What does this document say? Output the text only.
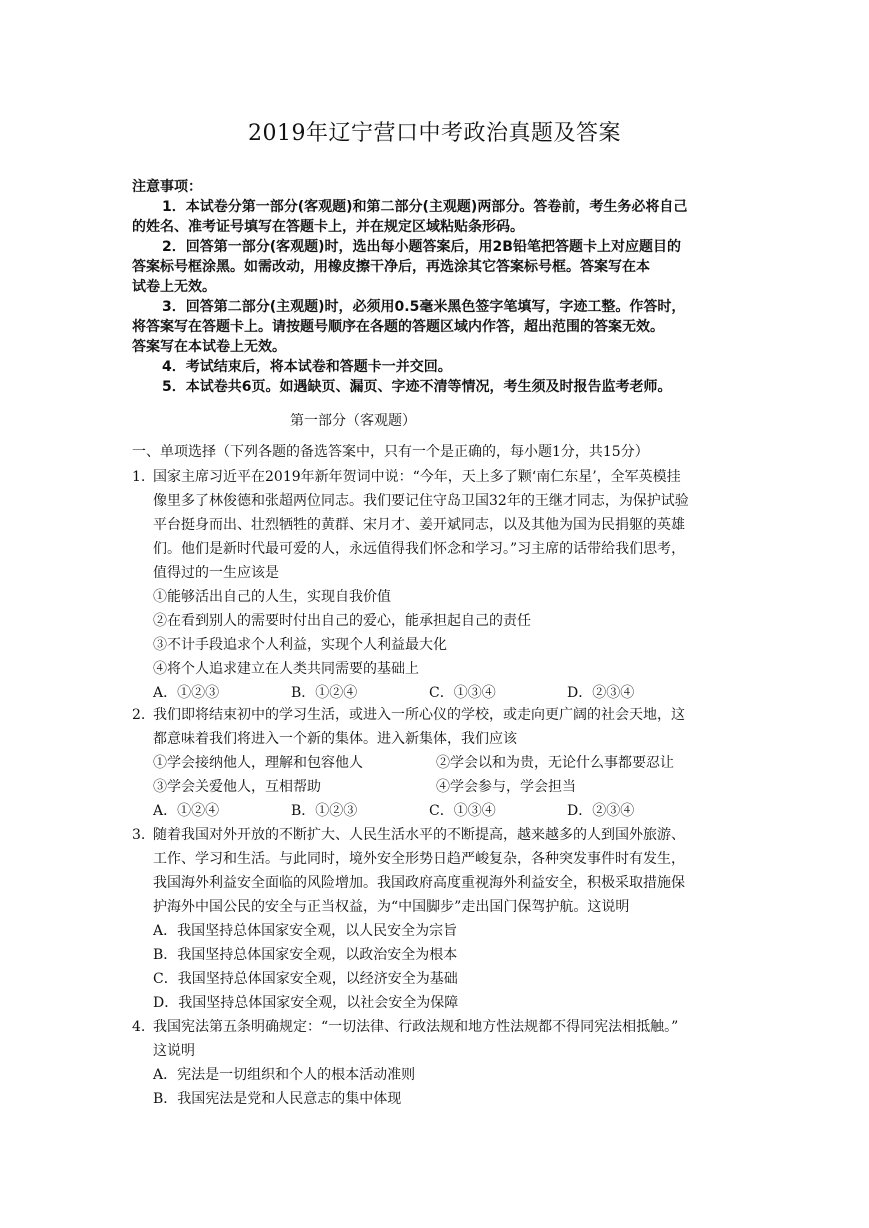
2019年辽宁营口中考政治真题及答案
注意事项：
1．本试卷分第一部分(客观题)和第二部分(主观题)两部分。答卷前，考生务必将自己
的姓名、准考证号填写在答题卡上，并在规定区域粘贴条形码。
2．回答第一部分(客观题)时，选出每小题答案后，用2B铅笔把答题卡上对应题目的
答案标号框涂黑。如需改动，用橡皮擦干净后，再选涂其它答案标号框。答案写在本
试卷上无效。
3．回答第二部分(主观题)时，必须用0.5毫米黑色签字笔填写，字迹工整。作答时，
将答案写在答题卡上。请按题号顺序在各题的答题区域内作答，超出范围的答案无效。
答案写在本试卷上无效。
4．考试结束后，将本试卷和答题卡一并交回。
5．本试卷共6页。如遇缺页、漏页、字迹不清等情况，考生须及时报告监考老师。
第一部分（客观题）
一、单项选择（下列各题的备选答案中，只有一个是正确的，每小题1分，共15分）
1. 国家主席习近平在2019年新年贺词中说：“今年，天上多了颗‘南仁东星’，全军英模挂
像里多了林俊德和张超两位同志。我们要记住守岛卫国32年的王继才同志，为保护试验
平台挺身而出、壮烈牺牲的黄群、宋月才、姜开斌同志，以及其他为国为民捐躯的英雄
们。他们是新时代最可爱的人，永远值得我们怀念和学习。”习主席的话带给我们思考，
值得过的一生应该是
①能够活出自己的人生，实现自我价值
②在看到别人的需要时付出自己的爱心，能承担起自己的责任
③不计手段追求个人利益，实现个人利益最大化
④将个人追求建立在人类共同需要的基础上
A．①②③	B．①②④	C．①③④	D．②③④
2. 我们即将结束初中的学习生活，或进入一所心仪的学校，或走向更广阔的社会天地，这
都意味着我们将进入一个新的集体。进入新集体，我们应该
①学会接纳他人，理解和包容他人	②学会以和为贵，无论什么事都要忍让
③学会关爱他人，互相帮助	④学会参与，学会担当
A．①②④	B．①②③	C．①③④	D．②③④
3. 随着我国对外开放的不断扩大、人民生活水平的不断提高，越来越多的人到国外旅游、
工作、学习和生活。与此同时，境外安全形势日趋严峻复杂，各种突发事件时有发生，
我国海外利益安全面临的风险增加。我国政府高度重视海外利益安全，积极采取措施保
护海外中国公民的安全与正当权益，为“中国脚步”走出国门保驾护航。这说明
A．我国坚持总体国家安全观，以人民安全为宗旨
B．我国坚持总体国家安全观，以政治安全为根本
C．我国坚持总体国家安全观，以经济安全为基础
D．我国坚持总体国家安全观，以社会安全为保障
4. 我国宪法第五条明确规定：“一切法律、行政法规和地方性法规都不得同宪法相抵触。”
这说明
A．宪法是一切组织和个人的根本活动准则
B．我国宪法是党和人民意志的集中体现
